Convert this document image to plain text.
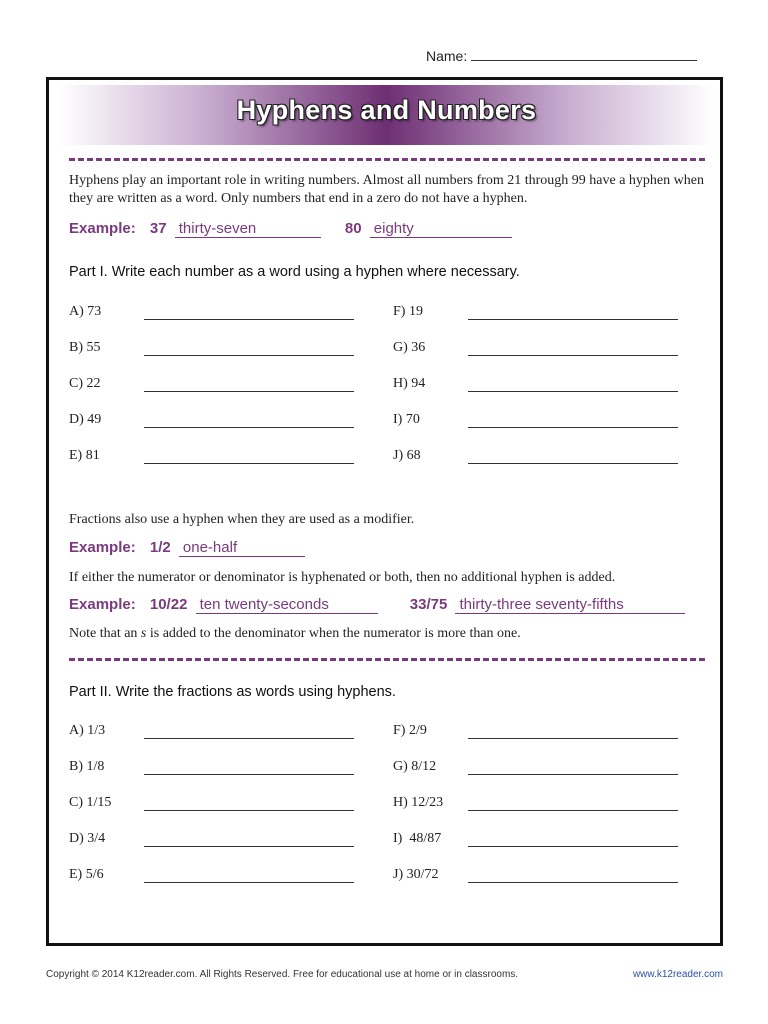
Name:
Hyphens and Numbers
Hyphens play an important role in writing numbers. Almost all numbers from 21 through 99 have a hyphen when they are written as a word. Only numbers that end in a zero do not have a hyphen.
Example: 37 thirty-seven	80 eighty
Part I. Write each number as a word using a hyphen where necessary.
A) 73
B) 55
C) 22
D) 49
E) 81
F) 19
G) 36
H) 94
I) 70
J) 68
Fractions also use a hyphen when they are used as a modifier.
Example: 1/2 one-half
If either the numerator or denominator is hyphenated or both, then no additional hyphen is added.
Example: 10/22 ten twenty-seconds	33/75 thirty-three seventy-fifths
Note that an s is added to the denominator when the numerator is more than one.
Part II. Write the fractions as words using hyphens.
A) 1/3
B) 1/8
C) 1/15
D) 3/4
E) 5/6
F) 2/9
G) 8/12
H) 12/23
I)  48/87
J) 30/72
Copyright © 2014 K12reader.com. All Rights Reserved. Free for educational use at home or in classrooms.	www.k12reader.com
